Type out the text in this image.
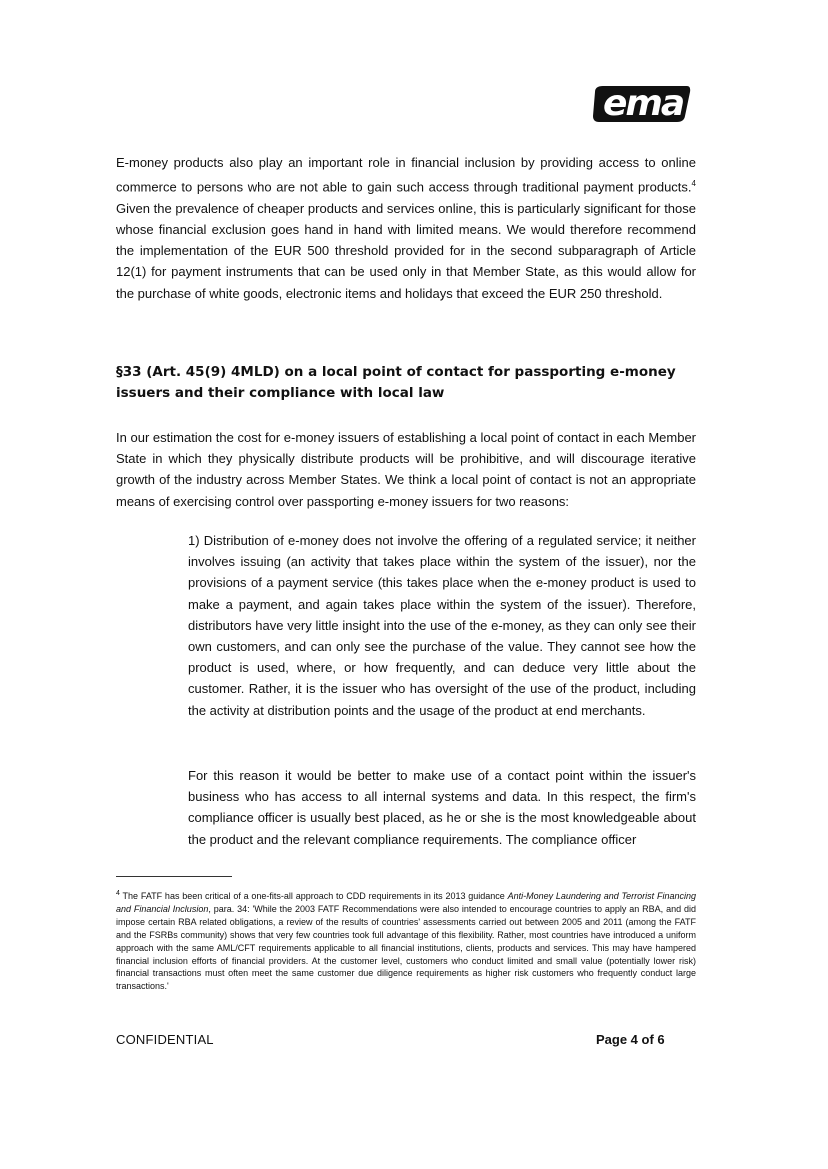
ema

E-money products also play an important role in financial inclusion by providing access to online commerce to persons who are not able to gain such access through traditional payment products.$^4$ Given the prevalence of cheaper products and services online, this is particularly significant for those whose financial exclusion goes hand in hand with limited means. We would therefore recommend the implementation of the EUR 500 threshold provided for in the second subparagraph of Article 12(1) for payment instruments that can be used only in that Member State, as this would allow for the purchase of white goods, electronic items and holidays that exceed the EUR 250 threshold.

§33 (Art. 45(9) 4MLD) on a local point of contact for passporting e-money issuers and their compliance with local law

In our estimation the cost for e-money issuers of establishing a local point of contact in each Member State in which they physically distribute products will be prohibitive, and will discourage iterative growth of the industry across Member States. We think a local point of contact is not an appropriate means of exercising control over passporting e-money issuers for two reasons:

1) Distribution of e-money does not involve the offering of a regulated service; it neither involves issuing (an activity that takes place within the system of the issuer), nor the provisions of a payment service (this takes place when the e-money product is used to make a payment, and again takes place within the system of the issuer). Therefore, distributors have very little insight into the use of the e-money, as they can only see their own customers, and can only see the purchase of the value. They cannot see how the product is used, where, or how frequently, and can deduce very little about the customer. Rather, it is the issuer who has oversight of the use of the product, including the activity at distribution points and the usage of the product at end merchants.

For this reason it would be better to make use of a contact point within the issuer's business who has access to all internal systems and data. In this respect, the firm's compliance officer is usually best placed, as he or she is the most knowledgeable about the product and the relevant compliance requirements. The compliance officer

$^4$ The FATF has been critical of a one-fits-all approach to CDD requirements in its 2013 guidance Anti-Money Laundering and Terrorist Financing and Financial Inclusion, para. 34: 'While the 2003 FATF Recommendations were also intended to encourage countries to apply an RBA, and did impose certain RBA related obligations, a review of the results of countries' assessments carried out between 2005 and 2011 (among the FATF and the FSRBs community) shows that very few countries took full advantage of this flexibility. Rather, most countries have introduced a uniform approach with the same AML/CFT requirements applicable to all financial institutions, clients, products and services. This may have hampered financial inclusion efforts of financial providers. At the customer level, customers who conduct limited and small value (potentially lower risk) financial transactions must often meet the same customer due diligence requirements as higher risk customers who frequently conduct large transactions.'

CONFIDENTIAL	Page 4 of 6
